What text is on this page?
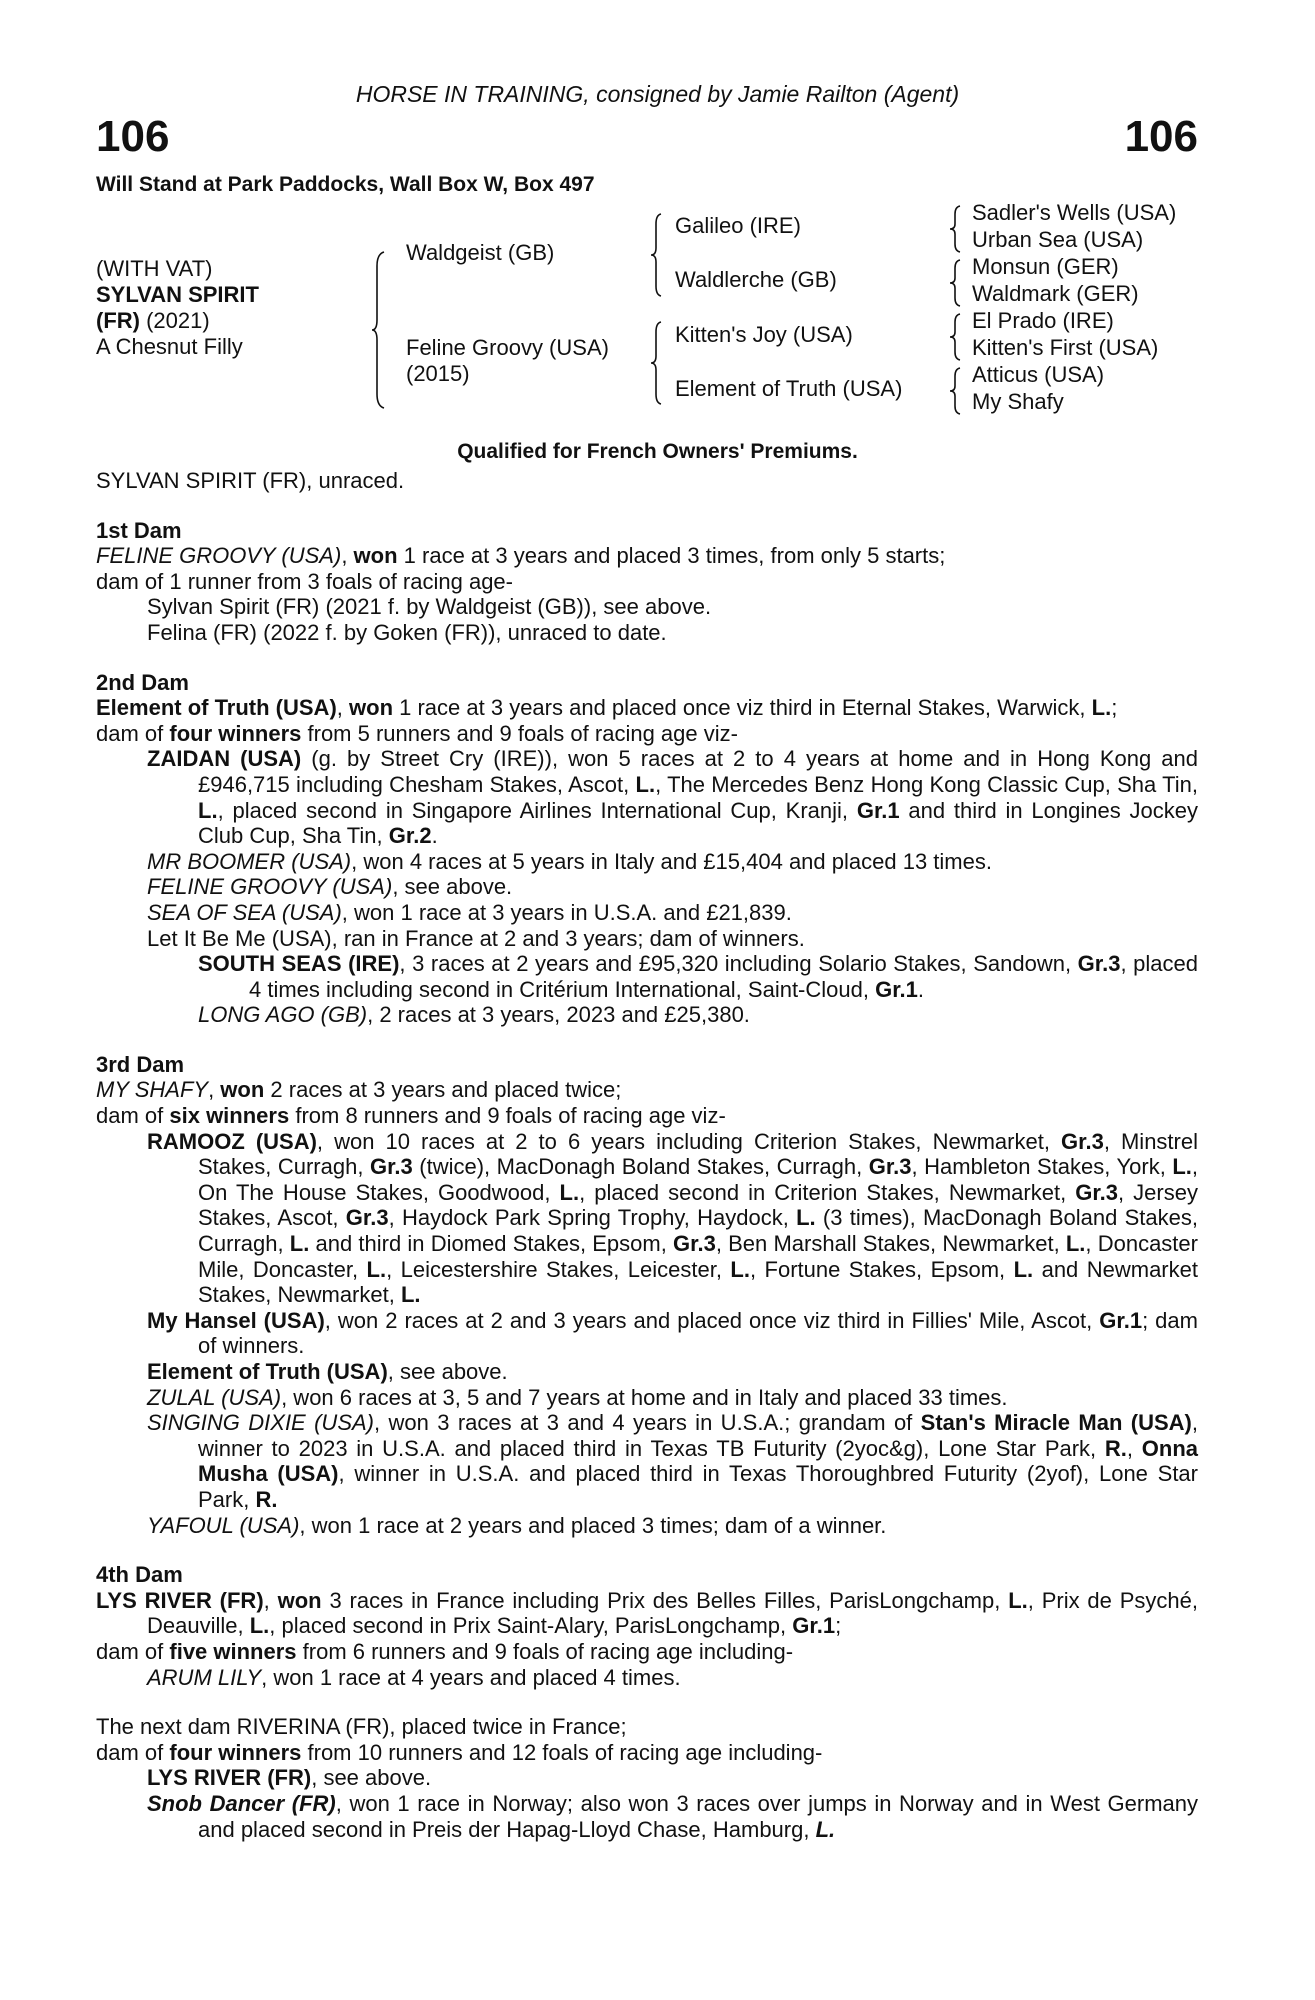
HORSE IN TRAINING, consigned by Jamie Railton (Agent)
106	106
Will Stand at Park Paddocks, Wall Box W, Box 497
(WITH VAT)
SYLVAN SPIRIT
(FR) (2021)
A Chesnut Filly
Waldgeist (GB)
Feline Groovy (USA)
(2015)
Galileo (IRE)
Waldlerche (GB)
Kitten's Joy (USA)
Element of Truth (USA)
Sadler's Wells (USA)
Urban Sea (USA)
Monsun (GER)
Waldmark (GER)
El Prado (IRE)
Kitten's First (USA)
Atticus (USA)
My Shafy
Qualified for French Owners' Premiums.
SYLVAN SPIRIT (FR), unraced.
1st Dam
FELINE GROOVY (USA), won 1 race at 3 years and placed 3 times, from only 5 starts;
dam of 1 runner from 3 foals of racing age-
Sylvan Spirit (FR) (2021 f. by Waldgeist (GB)), see above.
Felina (FR) (2022 f. by Goken (FR)), unraced to date.
2nd Dam
Element of Truth (USA), won 1 race at 3 years and placed once viz third in Eternal Stakes, Warwick, L.;
dam of four winners from 5 runners and 9 foals of racing age viz-
ZAIDAN (USA) (g. by Street Cry (IRE)), won 5 races at 2 to 4 years at home and in Hong Kong and £946,715 including Chesham Stakes, Ascot, L., The Mercedes Benz Hong Kong Classic Cup, Sha Tin, L., placed second in Singapore Airlines International Cup, Kranji, Gr.1 and third in Longines Jockey Club Cup, Sha Tin, Gr.2.
MR BOOMER (USA), won 4 races at 5 years in Italy and £15,404 and placed 13 times.
FELINE GROOVY (USA), see above.
SEA OF SEA (USA), won 1 race at 3 years in U.S.A. and £21,839.
Let It Be Me (USA), ran in France at 2 and 3 years; dam of winners.
SOUTH SEAS (IRE), 3 races at 2 years and £95,320 including Solario Stakes, Sandown, Gr.3, placed 4 times including second in Critérium International, Saint-Cloud, Gr.1.
LONG AGO (GB), 2 races at 3 years, 2023 and £25,380.
3rd Dam
MY SHAFY, won 2 races at 3 years and placed twice;
dam of six winners from 8 runners and 9 foals of racing age viz-
RAMOOZ (USA), won 10 races at 2 to 6 years including Criterion Stakes, Newmarket, Gr.3, Minstrel Stakes, Curragh, Gr.3 (twice), MacDonagh Boland Stakes, Curragh, Gr.3, Hambleton Stakes, York, L., On The House Stakes, Goodwood, L., placed second in Criterion Stakes, Newmarket, Gr.3, Jersey Stakes, Ascot, Gr.3, Haydock Park Spring Trophy, Haydock, L. (3 times), MacDonagh Boland Stakes, Curragh, L. and third in Diomed Stakes, Epsom, Gr.3, Ben Marshall Stakes, Newmarket, L., Doncaster Mile, Doncaster, L., Leicestershire Stakes, Leicester, L., Fortune Stakes, Epsom, L. and Newmarket Stakes, Newmarket, L.
My Hansel (USA), won 2 races at 2 and 3 years and placed once viz third in Fillies' Mile, Ascot, Gr.1; dam of winners.
Element of Truth (USA), see above.
ZULAL (USA), won 6 races at 3, 5 and 7 years at home and in Italy and placed 33 times.
SINGING DIXIE (USA), won 3 races at 3 and 4 years in U.S.A.; grandam of Stan's Miracle Man (USA), winner to 2023 in U.S.A. and placed third in Texas TB Futurity (2yoc&g), Lone Star Park, R., Onna Musha (USA), winner in U.S.A. and placed third in Texas Thoroughbred Futurity (2yof), Lone Star Park, R.
YAFOUL (USA), won 1 race at 2 years and placed 3 times; dam of a winner.
4th Dam
LYS RIVER (FR), won 3 races in France including Prix des Belles Filles, ParisLongchamp, L., Prix de Psyché, Deauville, L., placed second in Prix Saint-Alary, ParisLongchamp, Gr.1;
dam of five winners from 6 runners and 9 foals of racing age including-
ARUM LILY, won 1 race at 4 years and placed 4 times.
The next dam RIVERINA (FR), placed twice in France;
dam of four winners from 10 runners and 12 foals of racing age including-
LYS RIVER (FR), see above.
Snob Dancer (FR), won 1 race in Norway; also won 3 races over jumps in Norway and in West Germany and placed second in Preis der Hapag-Lloyd Chase, Hamburg, L.
